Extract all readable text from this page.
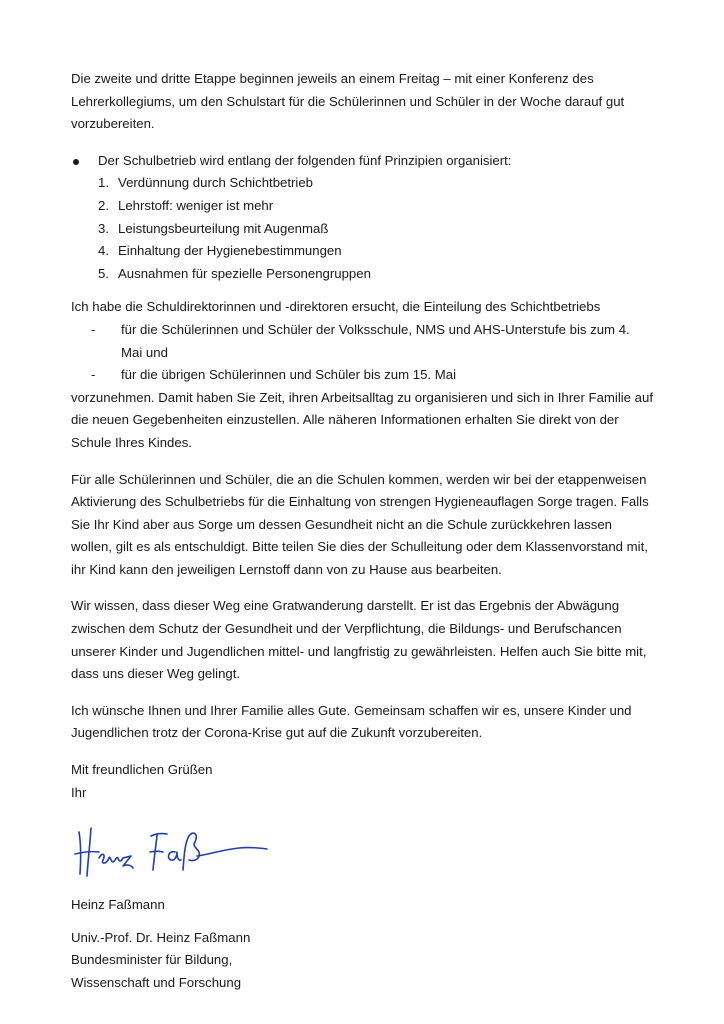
Die zweite und dritte Etappe beginnen jeweils an einem Freitag – mit einer Konferenz des Lehrerkollegiums, um den Schulstart für die Schülerinnen und Schüler in der Woche darauf gut vorzubereiten.

Der Schulbetrieb wird entlang der folgenden fünf Prinzipien organisiert:
1. Verdünnung durch Schichtbetrieb
2. Lehrstoff: weniger ist mehr
3. Leistungsbeurteilung mit Augenmaß
4. Einhaltung der Hygienebestimmungen
5. Ausnahmen für spezielle Personengruppen

Ich habe die Schuldirektorinnen und -direktoren ersucht, die Einteilung des Schichtbetriebs

- für die Schülerinnen und Schüler der Volksschule, NMS und AHS-Unterstufe bis zum 4. Mai und
- für die übrigen Schülerinnen und Schüler bis zum 15. Mai

vorzunehmen. Damit haben Sie Zeit, ihren Arbeitsalltag zu organisieren und sich in Ihrer Familie auf die neuen Gegebenheiten einzustellen. Alle näheren Informationen erhalten Sie direkt von der Schule Ihres Kindes.

Für alle Schülerinnen und Schüler, die an die Schulen kommen, werden wir bei der etappenweisen Aktivierung des Schulbetriebs für die Einhaltung von strengen Hygieneauflagen Sorge tragen. Falls Sie Ihr Kind aber aus Sorge um dessen Gesundheit nicht an die Schule zurückkehren lassen wollen, gilt es als entschuldigt. Bitte teilen Sie dies der Schulleitung oder dem Klassenvorstand mit, ihr Kind kann den jeweiligen Lernstoff dann von zu Hause aus bearbeiten.

Wir wissen, dass dieser Weg eine Gratwanderung darstellt. Er ist das Ergebnis der Abwägung zwischen dem Schutz der Gesundheit und der Verpflichtung, die Bildungs- und Berufschancen unserer Kinder und Jugendlichen mittel- und langfristig zu gewährleisten. Helfen auch Sie bitte mit, dass uns dieser Weg gelingt.

Ich wünsche Ihnen und Ihrer Familie alles Gute. Gemeinsam schaffen wir es, unsere Kinder und Jugendlichen trotz der Corona-Krise gut auf die Zukunft vorzubereiten.

Mit freundlichen Grüßen

Ihr

Heinz Faßmann

Univ.-Prof. Dr. Heinz Faßmann

Bundesminister für Bildung,

Wissenschaft und Forschung
